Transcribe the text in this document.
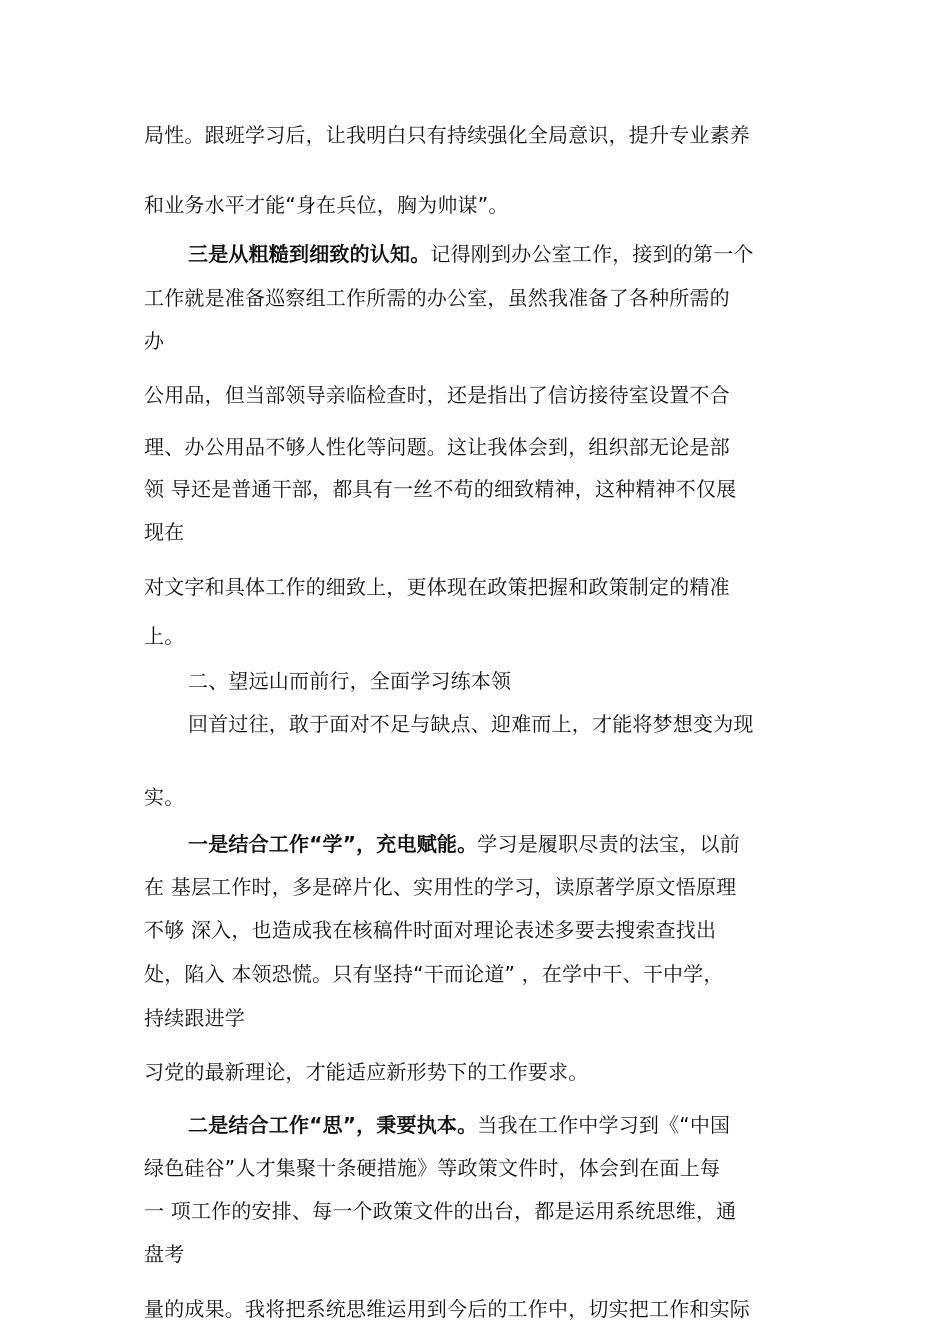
局性。跟班学习后，让我明白只有持续强化全局意识，提升专业素养
和业务水平才能“身在兵位，胸为帅谋”。
三是从粗糙到细致的认知。记得刚到办公室工作，接到的第一个
工作就是准备巡察组工作所需的办公室，虽然我准备了各种所需的
办
公用品，但当部领导亲临检查时，还是指出了信访接待室设置不合
理、办公用品不够人性化等问题。这让我体会到，组织部无论是部
领 导还是普通干部，都具有一丝不苟的细致精神，这种精神不仅展
现在
对文字和具体工作的细致上，更体现在政策把握和政策制定的精准
上。
二、望远山而前行，全面学习练本领
回首过往，敢于面对不足与缺点、迎难而上，才能将梦想变为现
实。
一是结合工作“学”，充电赋能。学习是履职尽责的法宝，以前
在 基层工作时，多是碎片化、实用性的学习，读原著学原文悟原理
不够 深入，也造成我在核稿件时面对理论表述多要去搜索查找出
处，陷入 本领恐慌。只有坚持“干而论道” ，在学中干、干中学，
持续跟进学
习党的最新理论，才能适应新形势下的工作要求。
二是结合工作“思”，秉要执本。当我在工作中学习到《“中国
绿色硅谷”人才集聚十条硬措施》等政策文件时，体会到在面上每
一 项工作的安排、每一个政策文件的出台，都是运用系统思维，通
盘考
量的成果。我将把系统思维运用到今后的工作中，切实把工作和实际
